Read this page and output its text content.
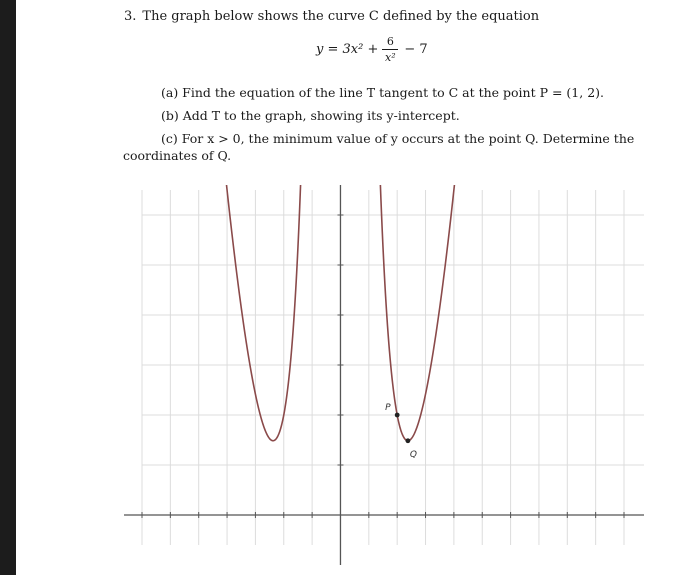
3. The graph below shows the curve C defined by the equation
$y = 3x^2 + \frac{6}{\text{x²}} - 7$
(a) Find the equation of the line T tangent to C at the point P = (1, 2).
(b) Add T to the graph, showing its y-intercept.
(c) For x > 0, the minimum value of y occurs at the point Q. Determine the
coordinates of Q.
P
Q
